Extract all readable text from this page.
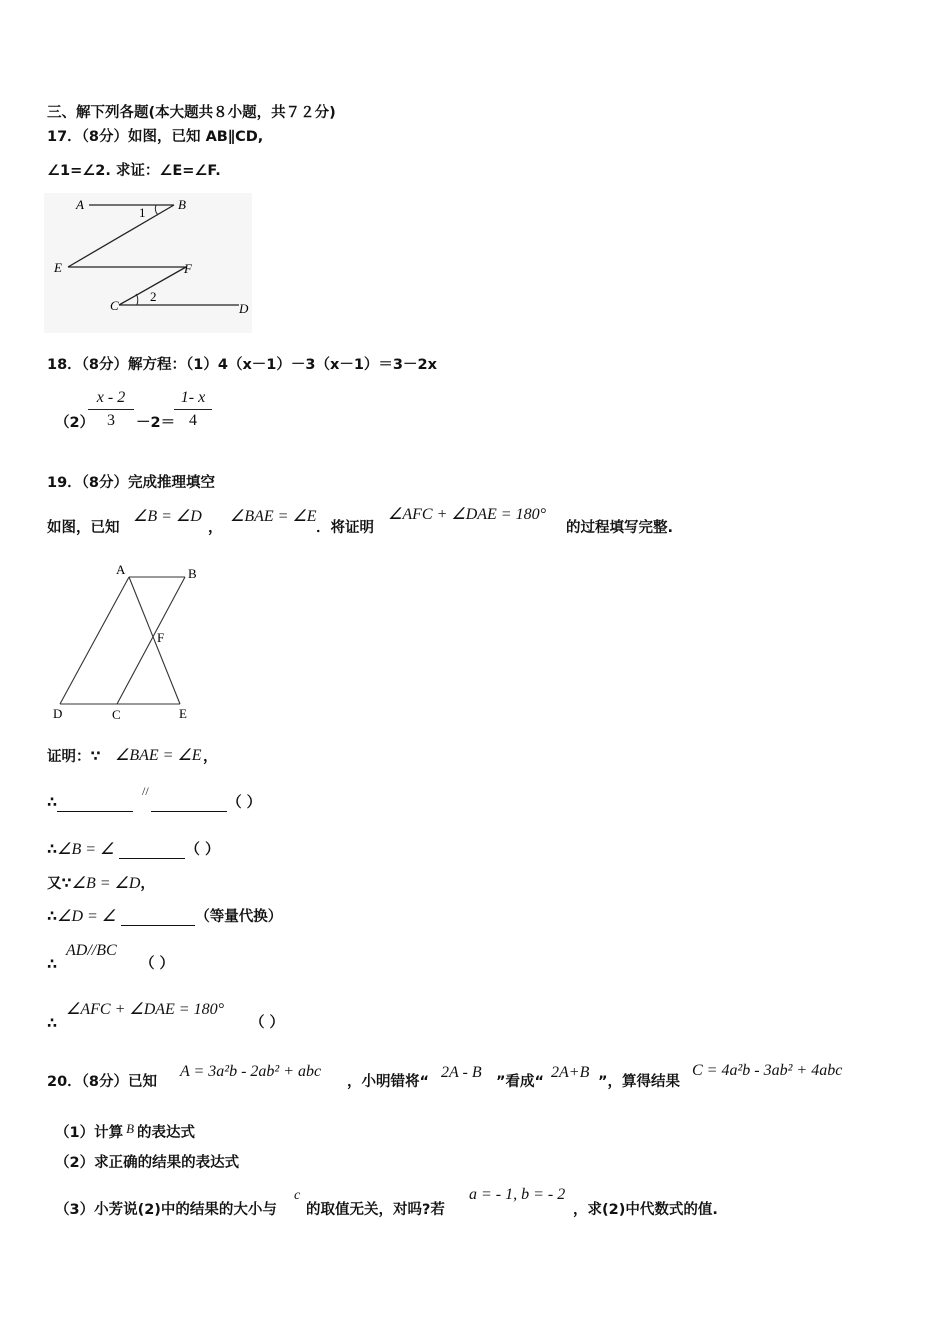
三、解下列各题(本大题共８小题，共７２分)
17．（8分）如图，已知 AB∥CD,
∠1=∠2. 求证：∠E=∠F.
A	B
E	F
C	D
1
2
18．（8分）解方程：（1）4（x－1）－3（x－1）＝3－2x
（2）
x - 2
3	－2＝
1- x
4
19．（8分）完成推理填空
如图，已知
∠B = ∠D
，
∠BAE = ∠E
．将证明
∠AFC + ∠DAE = 180°
的过程填写完整.
A	B
F
D	C	E
证明：∵ ∠BAE = ∠E ，
∴	（ ）
//
∴∠B = ∠	（ ）
又∵∠B = ∠D，
∴∠D = ∠	（等量代换）
∴
AD//BC
（ ）
∴
∠AFC + ∠DAE = 180°
（ ）
20．（8分）已知
A = 3a²b - 2ab² + abc
，小明错将“
2A - B
”看成“
2A+B
”，算得结果
C = 4a²b - 3ab² + 4abc
（1）计算 B 的表达式
（2）求正确的结果的表达式
（3）小芳说(2)中的结果的大小与
c
的取值无关，对吗?若
a = - 1, b = - 2
，求(2)中代数式的值.
